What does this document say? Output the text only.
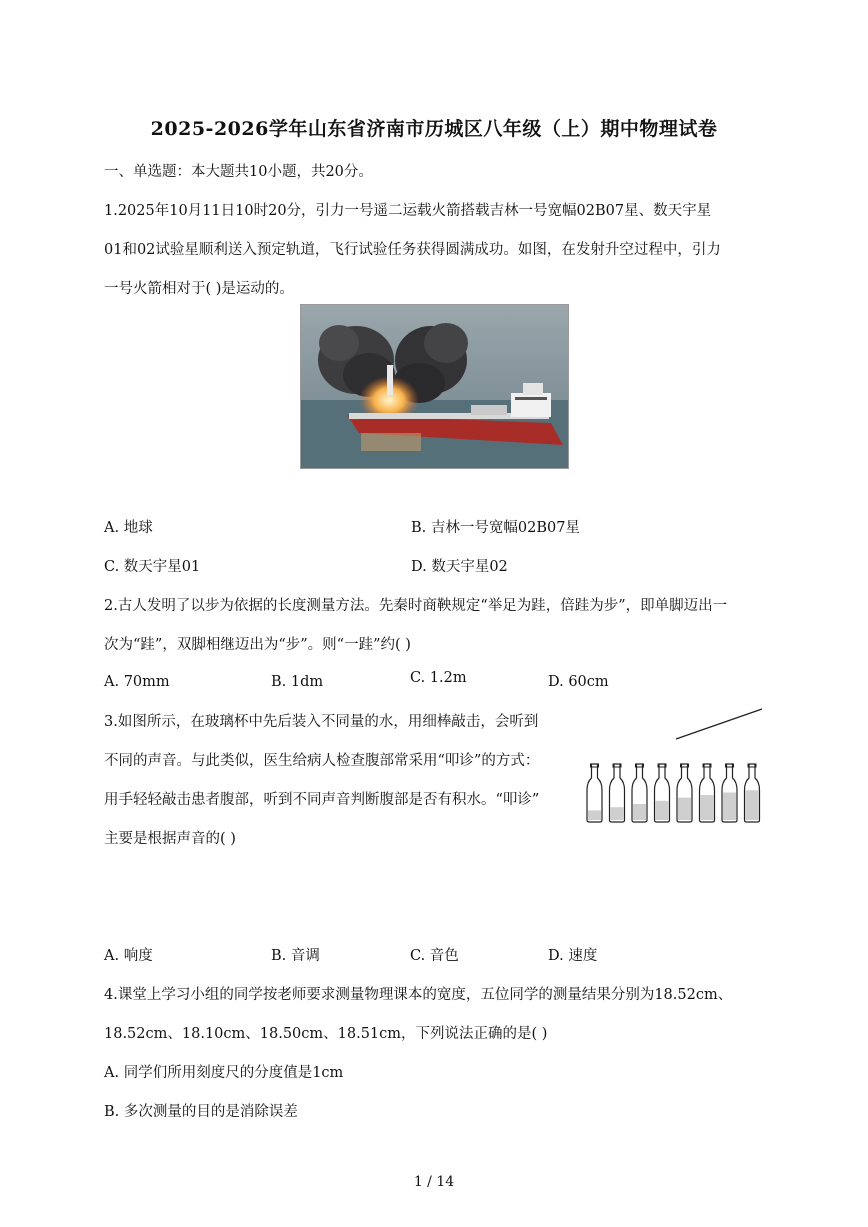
2025-2026学年山东省济南市历城区八年级（上）期中物理试卷
一、单选题：本大题共10小题，共20分。
1.2025年10月11日10时20分，引力一号遥二运载火箭搭载吉林一号宽幅02B07星、数天宇星
01和02试验星顺利送入预定轨道，飞行试验任务获得圆满成功。如图，在发射升空过程中，引力
一号火箭相对于( )是运动的。
A. 地球	B. 吉林一号宽幅02B07星
C. 数天宇星01	D. 数天宇星02
2.古人发明了以步为依据的长度测量方法。先秦时商鞅规定“举足为跬，倍跬为步”，即单脚迈出一
次为“跬”，双脚相继迈出为“步”。则“一跬”约( )
A. 70mm	B. 1dm	C. 1.2m	D. 60cm
3.如图所示，在玻璃杯中先后装入不同量的水，用细棒敲击，会听到
不同的声音。与此类似，医生给病人检查腹部常采用“叩诊”的方式：
用手轻轻敲击患者腹部，听到不同声音判断腹部是否有积水。“叩诊”
主要是根据声音的( )
A. 响度	B. 音调	C. 音色	D. 速度
4.课堂上学习小组的同学按老师要求测量物理课本的宽度，五位同学的测量结果分别为18.52cm、
18.52cm、18.10cm、18.50cm、18.51cm，下列说法正确的是( )
A. 同学们所用刻度尺的分度值是1cm
B. 多次测量的目的是消除误差
1 / 14
